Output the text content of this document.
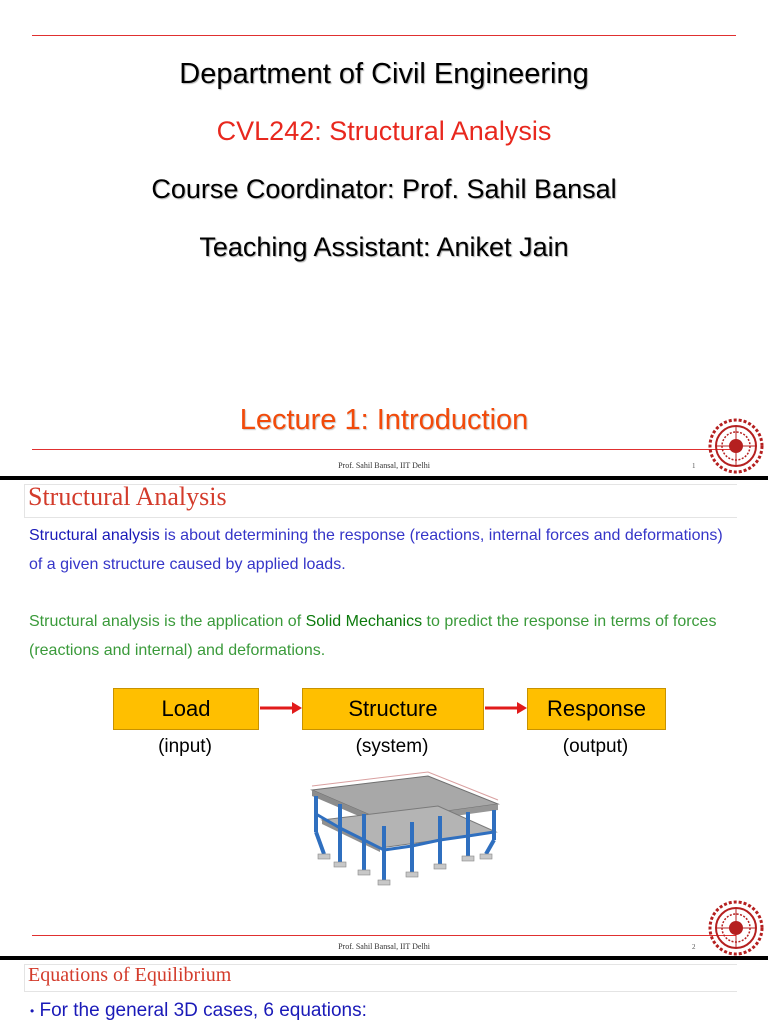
Department of Civil Engineering
CVL242: Structural Analysis
Course Coordinator: Prof. Sahil Bansal
Teaching Assistant: Aniket Jain
Lecture 1: Introduction
Prof. Sahil Bansal, IIT Delhi	1
Structural Analysis
Structural analysis is about determining the response (reactions, internal forces and deformations) of a given structure caused by applied loads.
Structural analysis is the application of Solid Mechanics to predict the response in terms of forces (reactions and internal) and deformations.
Load	Structure	Response
(input)	(system)	(output)
Prof. Sahil Bansal, IIT Delhi	2
Equations of Equilibrium
• For the general 3D cases, 6 equations:
